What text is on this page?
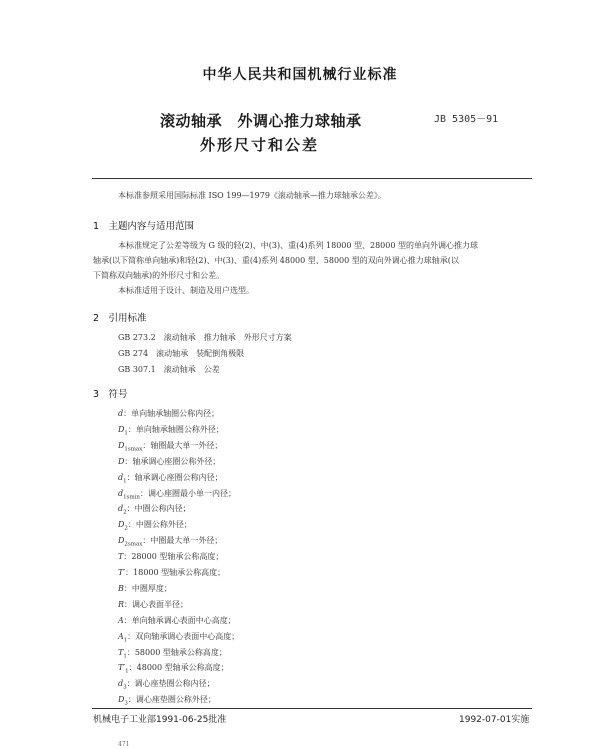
中华人民共和国机械行业标准
滚动轴承　外调心推力球轴承
外形尺寸和公差
JB 5305－91
本标准参照采用国际标准 ISO 199—1979《滚动轴承—推力球轴承公差》。
1　主题内容与适用范围
本标准规定了公差等级为 G 级的轻(2)、中(3)、重(4)系列 18000 型、28000 型的单向外调心推力球
轴承(以下简称单向轴承)和轻(2)、中(3)、重(4)系列 48000 型、58000 型的双向外调心推力球轴承(以
下简称双向轴承)的外形尺寸和公差。
本标准适用于设计、制造及用户选型。
2　引用标准
GB 273.2　滚动轴承　推力轴承　外形尺寸方案
GB 274　滚动轴承　装配倒角极限
GB 307.1　滚动轴承　公差
3　符号
d：单向轴承轴圈公称内径；
$D_1$：单向轴承轴圈公称外径；
$D_{1smax}$：轴圈最大单一外径；
D：轴承调心座圈公称外径；
$d_1$：轴承调心座圈公称内径；
$d_{1smin}$：调心座圈最小单一内径；
$d_2$：中圈公称内径；
$D_2$：中圈公称外径；
$D_{2smax}$：中圈最大单一外径；
T：28000 型轴承公称高度；
T′：18000 型轴承公称高度；
B：中圈厚度；
R：调心表面半径；
A：单向轴承调心表面中心高度；
$A_1$：双向轴承调心表面中心高度；
$T_1$：58000 型轴承公称高度；
$T'_1$：48000 型轴承公称高度；
$d_3$：调心座垫圈公称内径；
$D_3$：调心座垫圈公称外径；
机械电子工业部1991-06-25批准	1992-07-01实施
471
